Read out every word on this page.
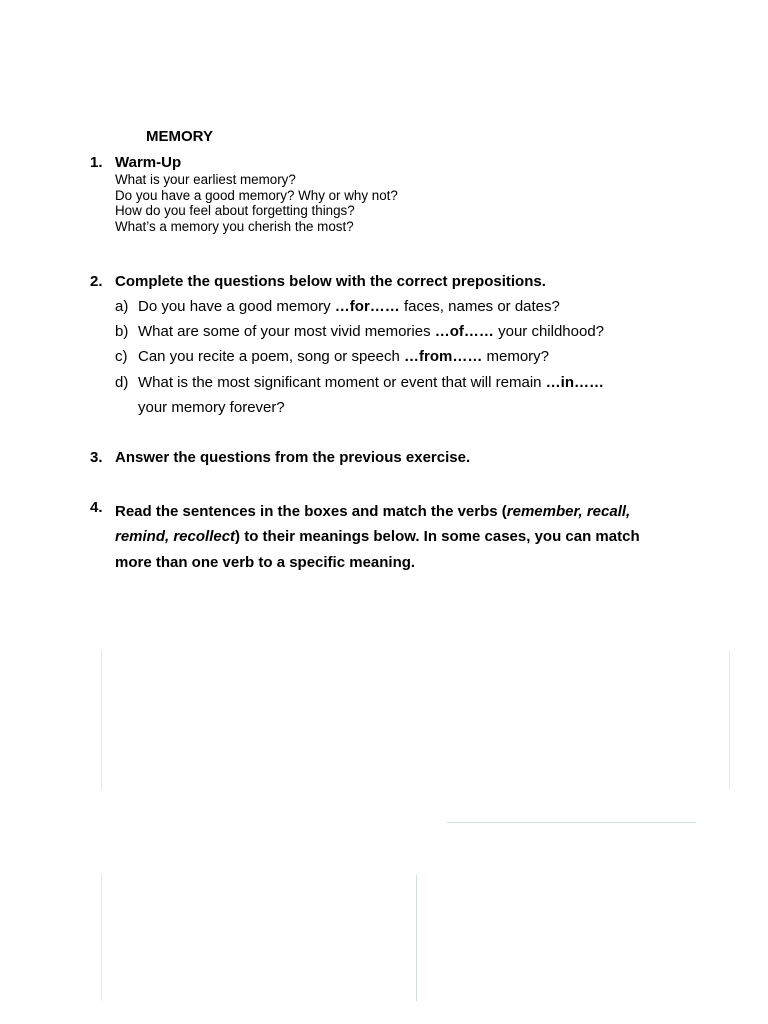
MEMORY
1. Warm-Up
What is your earliest memory?
Do you have a good memory? Why or why not?
How do you feel about forgetting things?
What’s a memory you cherish the most?
2. Complete the questions below with the correct prepositions.
a) Do you have a good memory …for…… faces, names or dates?
b) What are some of your most vivid memories …of…… your childhood?
c) Can you recite a poem, song or speech …from…… memory?
d) What is the most significant moment or event that will remain …in……
your memory forever?
3. Answer the questions from the previous exercise.
4. Read the sentences in the boxes and match the verbs (remember, recall, remind, recollect) to their meanings below. In some cases, you can match more than one verb to a specific meaning.
